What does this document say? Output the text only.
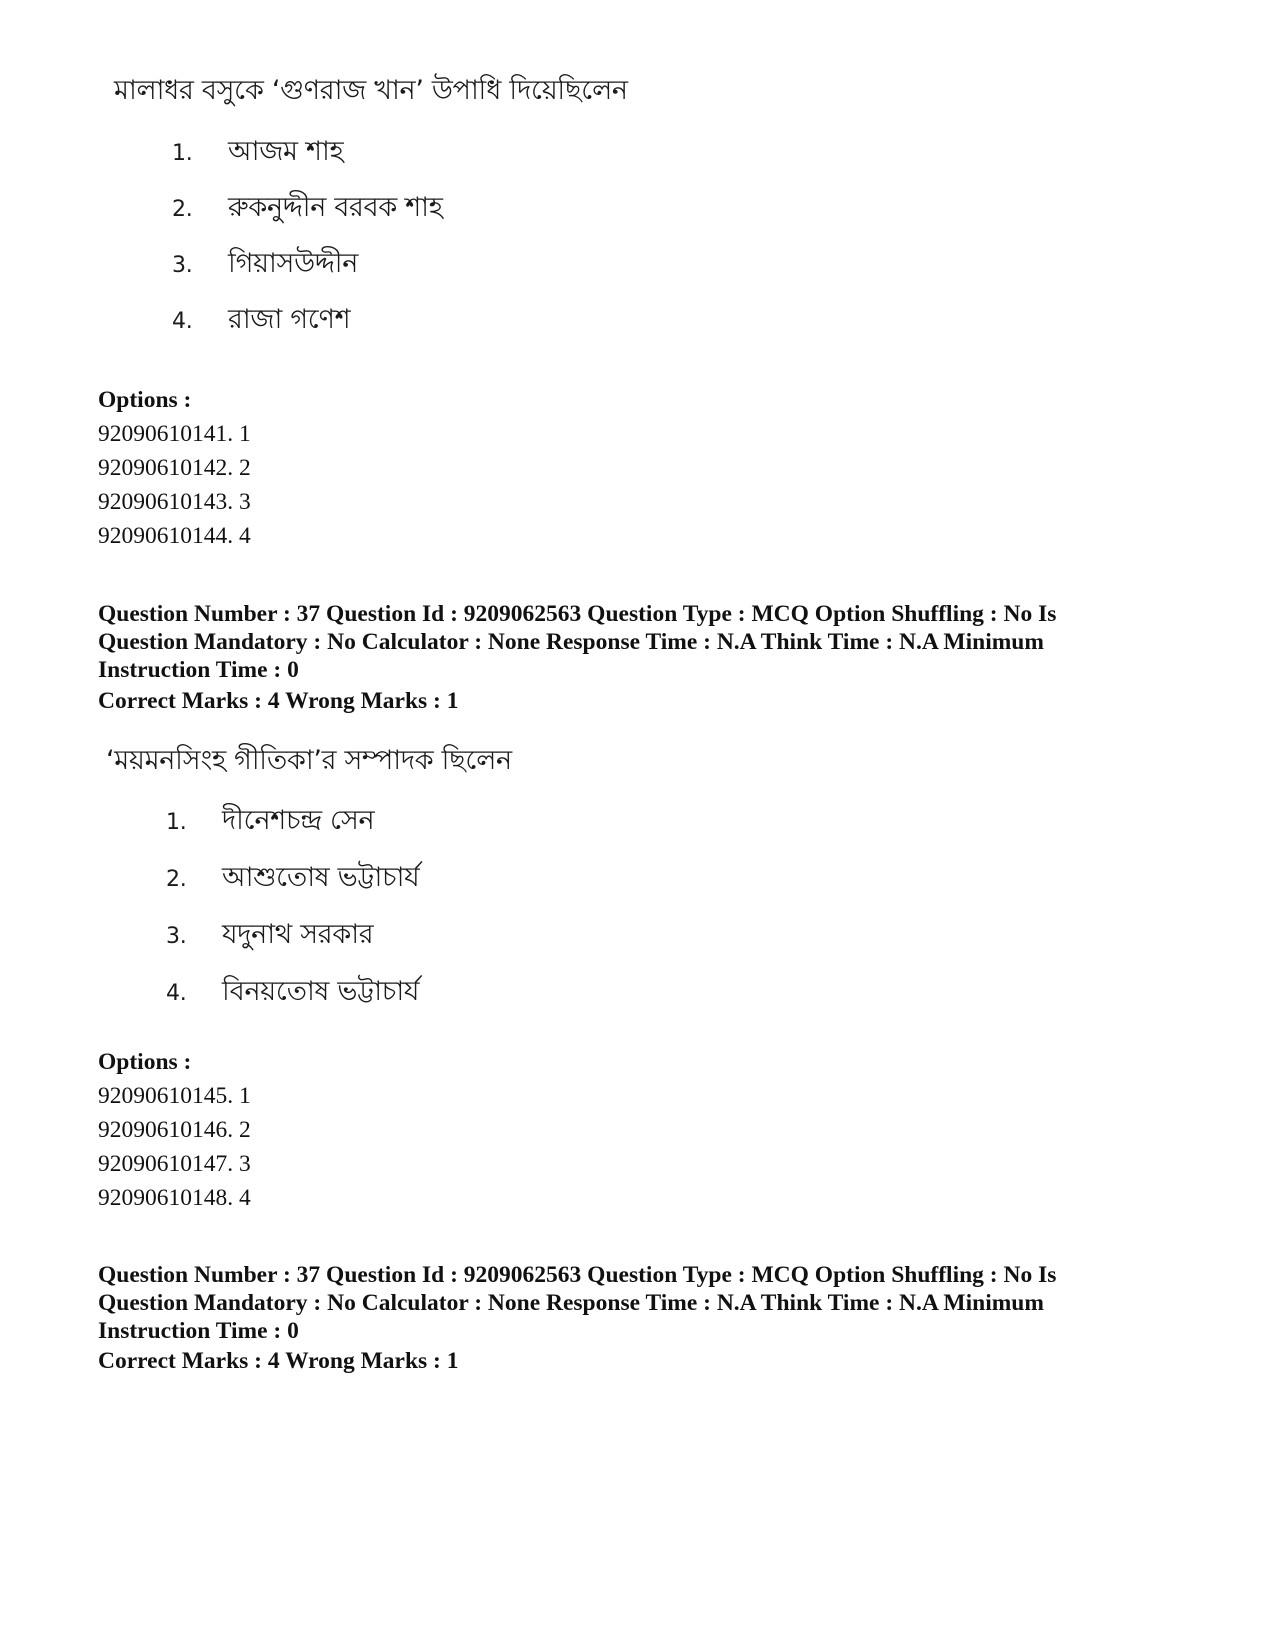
মালাধর বসুকে ‘গুণরাজ খান’ উপাধি দিয়েছিলেন
1. আজম শাহ
2. রুকনুদ্দীন বরবক শাহ
3. গিয়াসউদ্দীন
4. রাজা গণেশ
Options :
92090610141. 1
92090610142. 2
92090610143. 3
92090610144. 4
Question Number : 37 Question Id : 9209062563 Question Type : MCQ Option Shuffling : No Is
Question Mandatory : No Calculator : None Response Time : N.A Think Time : N.A Minimum
Instruction Time : 0
Correct Marks : 4 Wrong Marks : 1
‘ময়মনসিংহ গীতিকা’র সম্পাদক ছিলেন
1. দীনেশচন্দ্র সেন
2. আশুতোষ ভট্টাচার্য
3. যদুনাথ সরকার
4. বিনয়তোষ ভট্টাচার্য
Options :
92090610145. 1
92090610146. 2
92090610147. 3
92090610148. 4
Question Number : 37 Question Id : 9209062563 Question Type : MCQ Option Shuffling : No Is
Question Mandatory : No Calculator : None Response Time : N.A Think Time : N.A Minimum
Instruction Time : 0
Correct Marks : 4 Wrong Marks : 1
